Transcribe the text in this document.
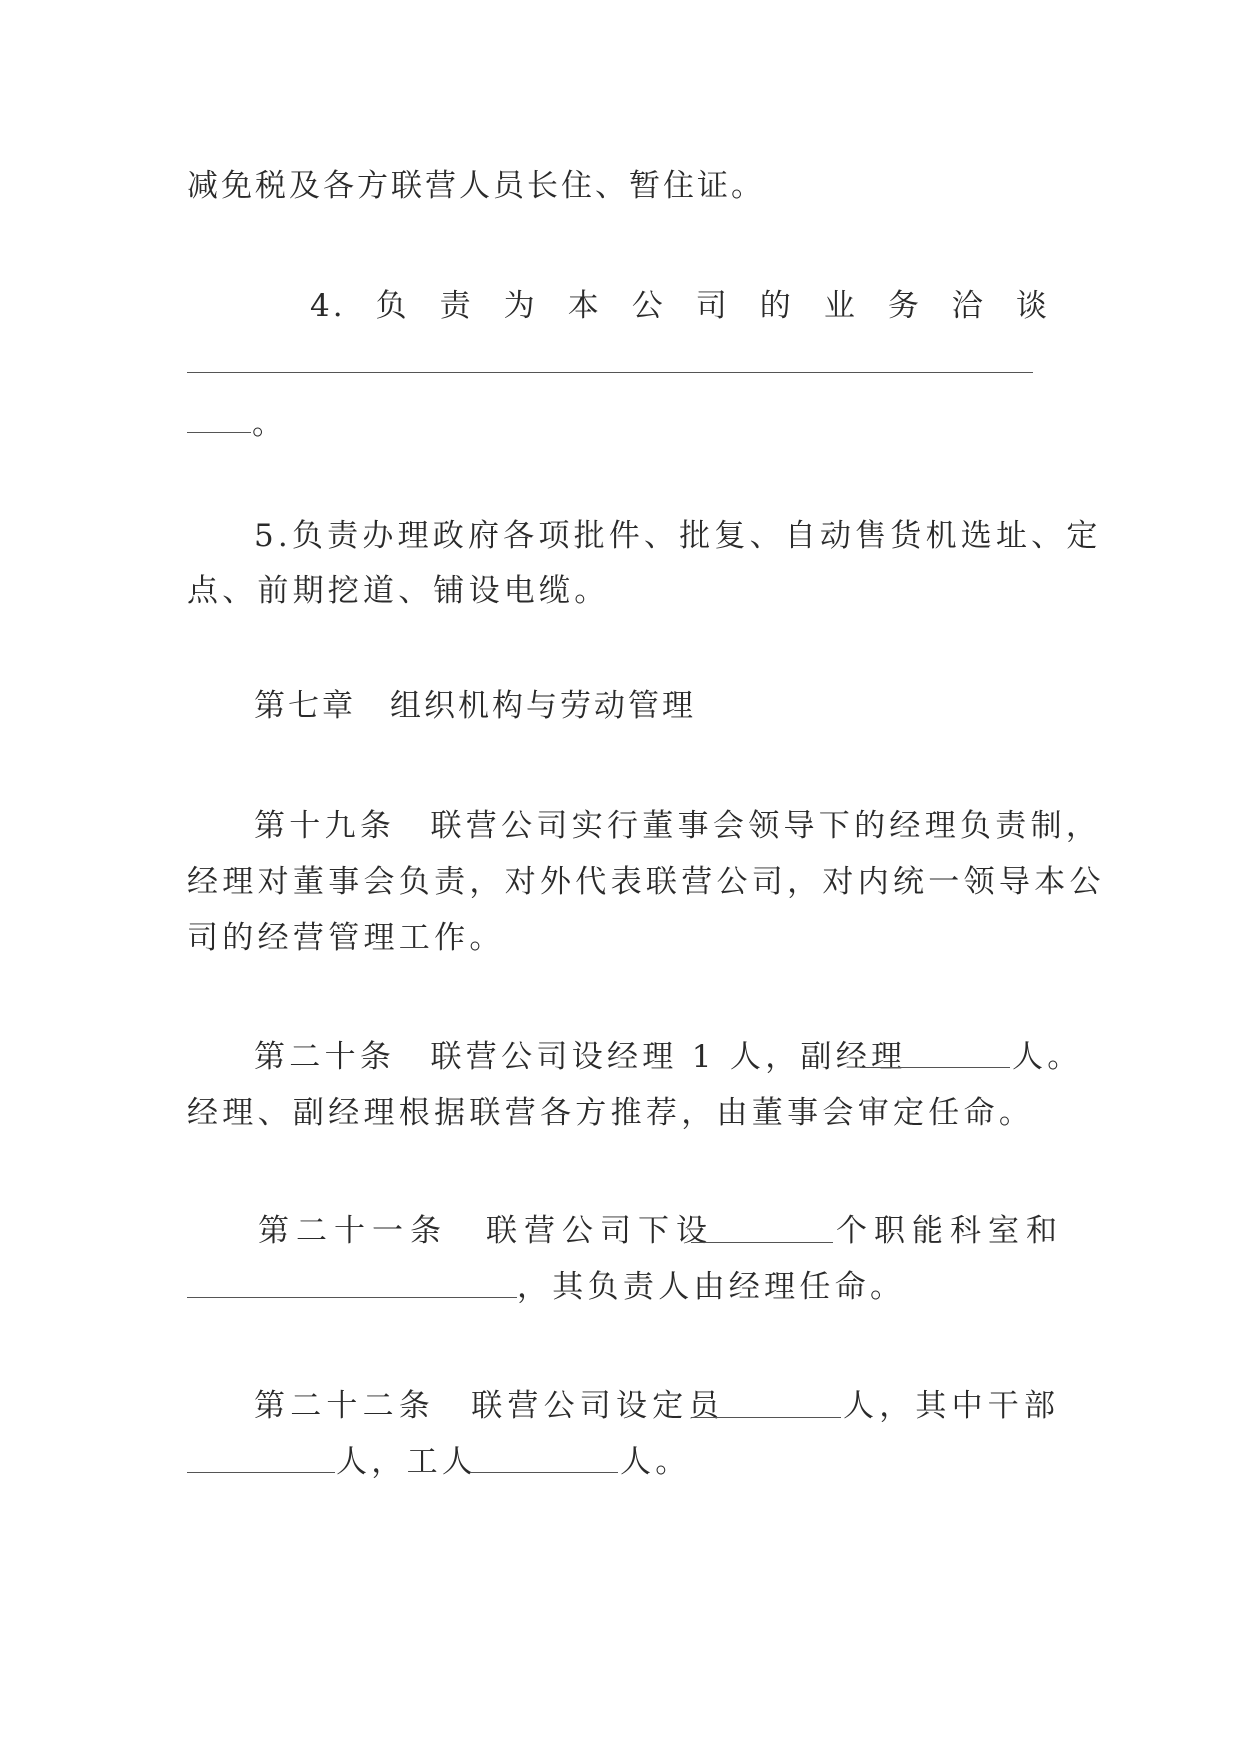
减免税及各方联营人员长住、暂住证。
4. 负 责 为 本 公 司 的 业 务 洽 谈
。
5.负责办理政府各项批件、批复、自动售货机选址、定
点、前期挖道、铺设电缆。
第七章　组织机构与劳动管理
第十九条　联营公司实行董事会领导下的经理负责制，
经理对董事会负责，对外代表联营公司，对内统一领导本公
司的经营管理工作。
第二十条　联营公司设经理 1 人，副经理	人。
经理、副经理根据联营各方推荐，由董事会审定任命。
第二十一条　联营公司下设	个职能科室和
，其负责人由经理任命。
第二十二条　联营公司设定员	人，其中干部
人，工人	人。
